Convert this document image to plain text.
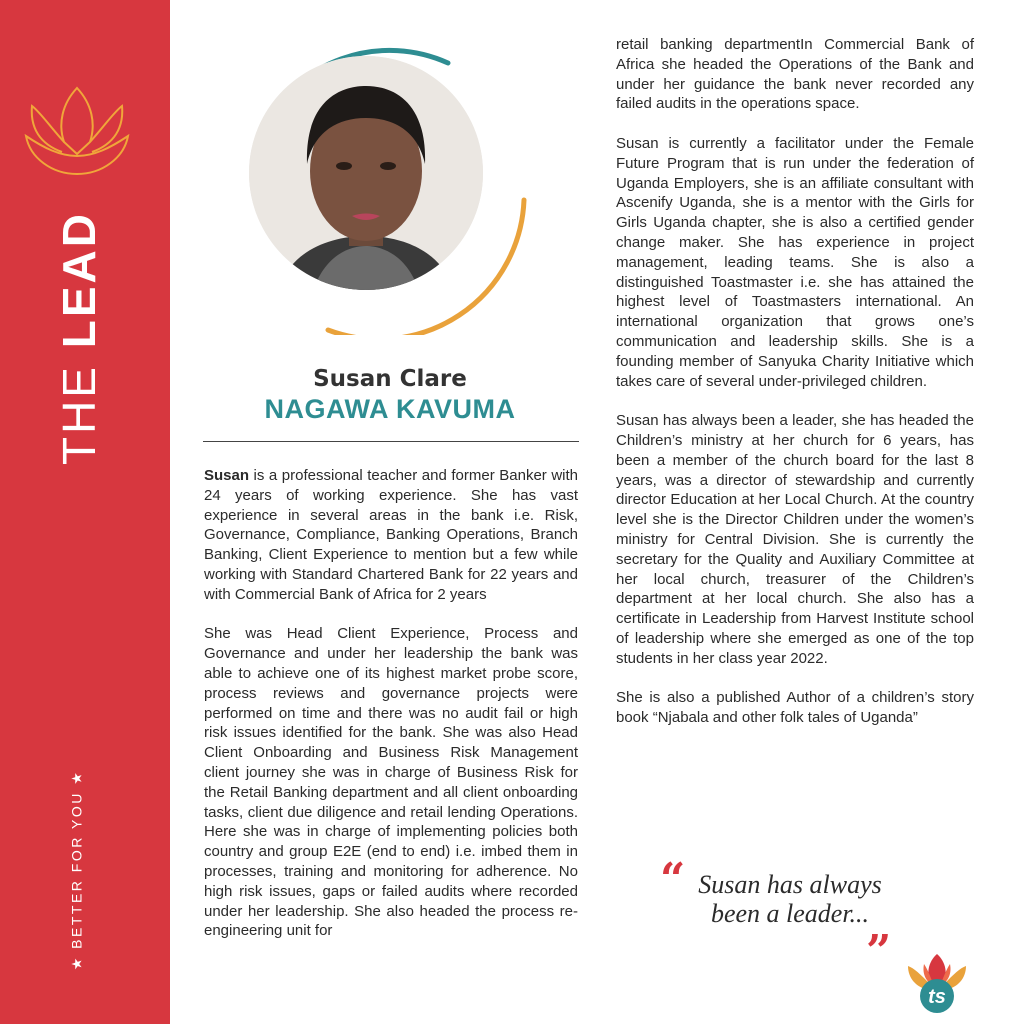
THE LEAD
★ BETTER FOR YOU ★
Susan Clare
NAGAWA KAVUMA

Susan is a professional teacher and former Banker with 24 years of working experience. She has vast experience in several areas in the bank i.e. Risk, Governance, Compliance, Banking Operations, Branch Banking, Client Experience to mention but a few while working with Standard Chartered Bank for 22 years and with Commercial Bank of Africa for 2 years

She was Head Client Experience, Process and Governance and under her leadership the bank was able to achieve one of its highest market probe score, process reviews and governance projects were performed on time and there was no audit fail or high risk issues identified for the bank. She was also Head Client Onboarding and Business Risk Management client journey she was in charge of Business Risk for the Retail Banking department and all client onboarding tasks, client due diligence and retail lending Operations. Here she was in charge of implementing policies both country and group E2E (end to end) i.e. imbed them in processes, training and monitoring for adherence. No high risk issues, gaps or failed audits where recorded under her leadership. She also headed the process re-engineering unit for

retail banking departmentIn Commercial Bank of Africa she headed the Operations of the Bank and under her guidance the bank never recorded any failed audits in the operations space.

Susan is currently a facilitator under the Female Future Program that is run under the federation of Uganda Employers, she is an affiliate consultant with Ascenify Uganda, she is a mentor with the Girls for Girls Uganda chapter, she is also a certified gender change maker. She has experience in project management, leading teams. She is also a distinguished Toastmaster i.e. she has attained the highest level of Toastmasters international. An international organization that grows one’s communication and leadership skills. She is a founding member of Sanyuka Charity Initiative which takes care of several under-privileged children.

Susan has always been a leader, she has headed the Children’s ministry at her church for 6 years, has been a member of the church board for the last 8 years, was a director of stewardship and currently director Education at her Local Church. At the country level she is the Director Children under the women’s ministry for Central Division. She is currently the secretary for the Quality and Auxiliary Committee at her local church, treasurer of the Children’s department at her local church. She also has a certificate in Leadership from Harvest Institute school of leadership where she emerged as one of the top students in her class year 2022.

She is also a published Author of a children’s story book “Njabala and other folk tales of Uganda”

“ Susan has always been a leader...
”
ts
